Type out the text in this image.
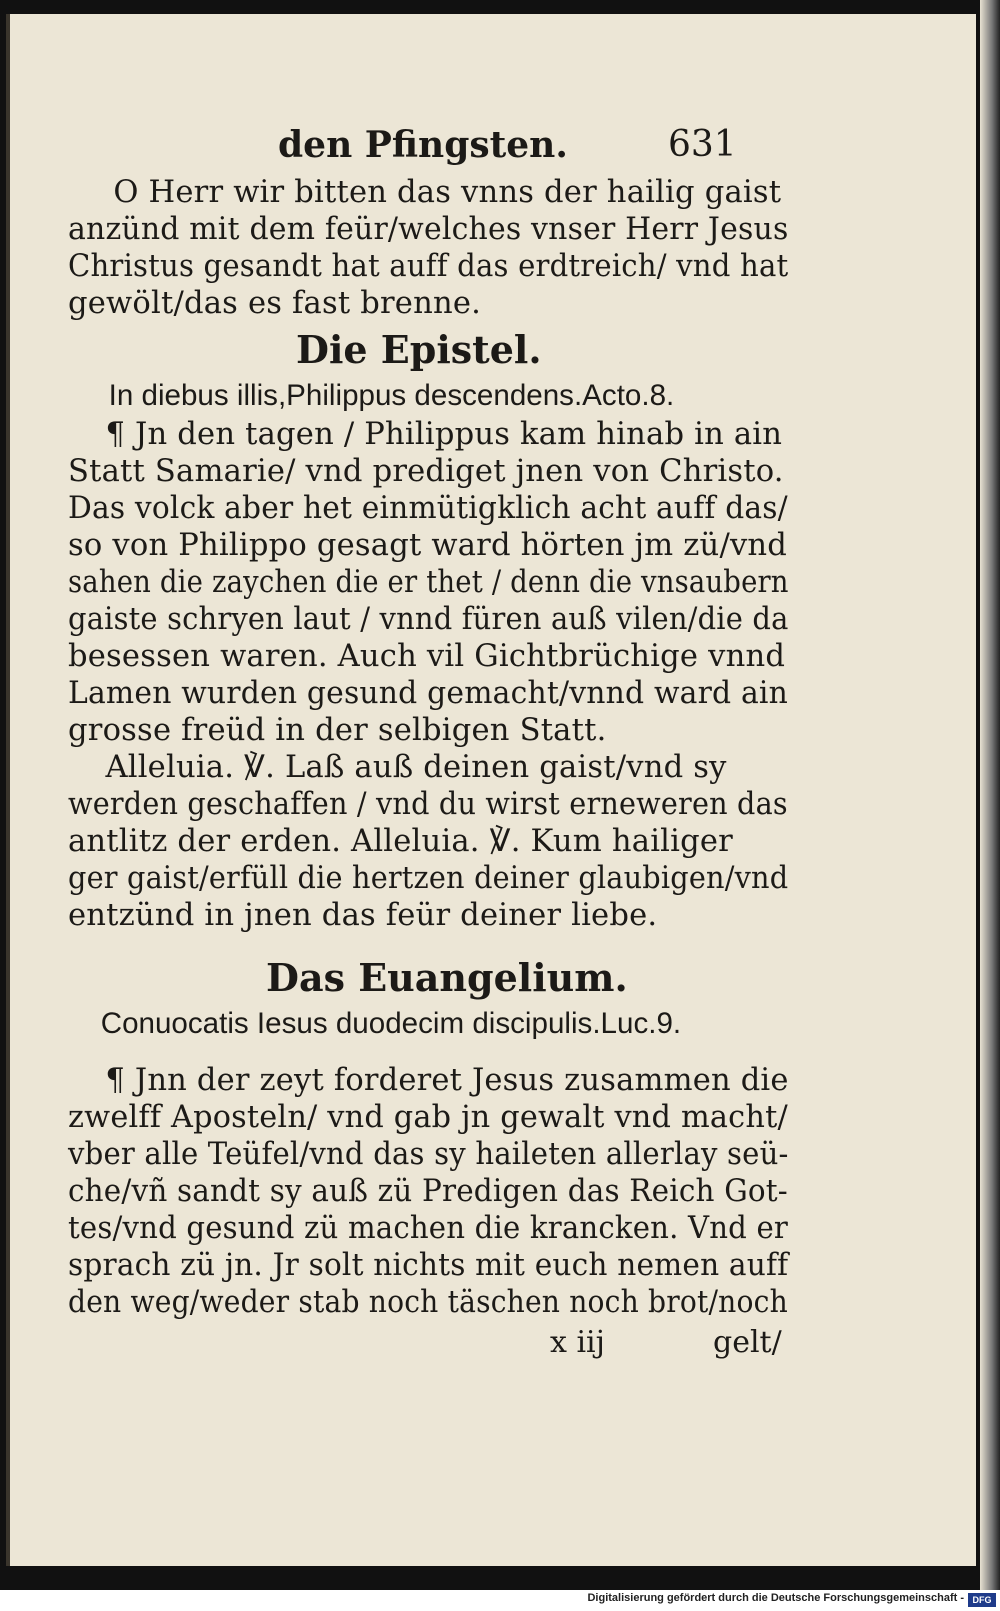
den Pfingsten.	631
O Herr wir bitten das vnns der hailig gaist
anzünd mit dem feür/welches vnser Herr Jesus
Christus gesandt hat auff das erdtreich/ vnd hat
gewölt/das es fast brenne.
Die Epistel.
In diebus illis,Philippus descendens.Acto.8.
¶ Jn den tagen / Philippus kam hinab in ain
Statt Samarie/ vnd prediget jnen von Christo.
Das volck aber het einmütigklich acht auff das/
so von Philippo gesagt ward hörten jm zü/vnd
sahen die zaychen die er thet / denn die vnsaubern
gaiste schryen laut / vnnd füren auß vilen/die da
besessen waren. Auch vil Gichtbrüchige vnnd
Lamen wurden gesund gemacht/vnnd ward ain
grosse freüd in der selbigen Statt.
Alleluia. ℣. Laß auß deinen gaist/vnd sy
werden geschaffen / vnd du wirst erneweren das
antlitz der erden. Alleluia. ℣. Kum hailiger
ger gaist/erfüll die hertzen deiner glaubigen/vnd
entzünd in jnen das feür deiner liebe.
Das Euangelium.
Conuocatis Iesus duodecim discipulis.Luc.9.
¶ Jnn der zeyt forderet Jesus zusammen die
zwelff Aposteln/ vnd gab jn gewalt vnd macht/
vber alle Teüfel/vnd das sy haileten allerlay seü-
che/vñ sandt sy auß zü Predigen das Reich Got-
tes/vnd gesund zü machen die krancken. Vnd er
sprach zü jn. Jr solt nichts mit euch nemen auff
den weg/weder stab noch täschen noch brot/noch
x iij	gelt/
Digitalisierung gefördert durch die Deutsche Forschungsgemeinschaft - DFG
